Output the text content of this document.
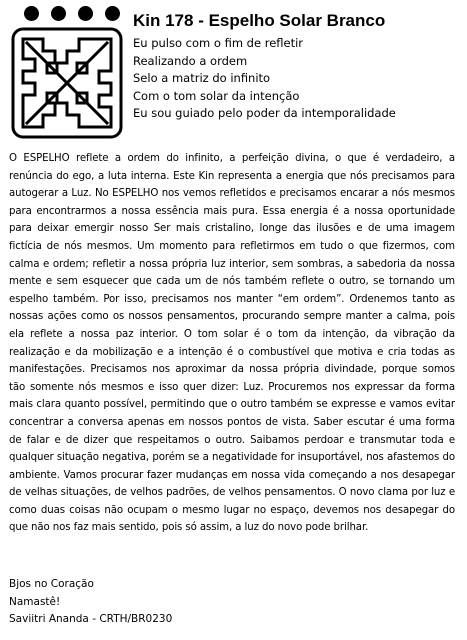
Kin 178 - Espelho Solar Branco
Eu pulso com o fim de refletir
Realizando a ordem
Selo a matriz do infinito
Com o tom solar da intenção
Eu sou guiado pelo poder da intemporalidade

O ESPELHO reflete a ordem do infinito, a perfeição divina, o que é verdadeiro, a renúncia do ego, a luta interna. Este Kin representa a energia que nós precisamos para autogerar a Luz. No ESPELHO nos vemos refletidos e precisamos encarar a nós mesmos para encontrarmos a nossa essência mais pura. Essa energia é a nossa oportunidade para deixar emergir nosso Ser mais cristalino, longe das ilusões e de uma imagem fictícia de nós mesmos. Um momento para refletirmos em tudo o que fizermos, com calma e ordem; refletir a nossa própria luz interior, sem sombras, a sabedoria da nossa mente e sem esquecer que cada um de nós também reflete o outro, se tornando um espelho também. Por isso, precisamos nos manter “em ordem”. Ordenemos tanto as nossas ações como os nossos pensamentos, procurando sempre manter a calma, pois ela reflete a nossa paz interior. O tom solar é o tom da intenção, da vibração da realização e da mobilização e a intenção é o combustível que motiva e cria todas as manifestações. Precisamos nos aproximar da nossa própria divindade, porque somos tão somente nós mesmos e isso quer dizer: Luz. Procuremos nos expressar da forma mais clara quanto possível, permitindo que o outro também se expresse e vamos evitar concentrar a conversa apenas em nossos pontos de vista. Saber escutar é uma forma de falar e de dizer que respeitamos o outro. Saibamos perdoar e transmutar toda e qualquer situação negativa, porém se a negatividade for insuportável, nos afastemos do ambiente. Vamos procurar fazer mudanças em nossa vida começando a nos desapegar de velhas situações, de velhos padrões, de velhos pensamentos. O novo clama por luz e como duas coisas não ocupam o mesmo lugar no espaço, devemos nos desapegar do que não nos faz mais sentido, pois só assim, a luz do novo pode brilhar.

Bjos no Coração
Namastê!
Saviitri Ananda - CRTH/BR0230
